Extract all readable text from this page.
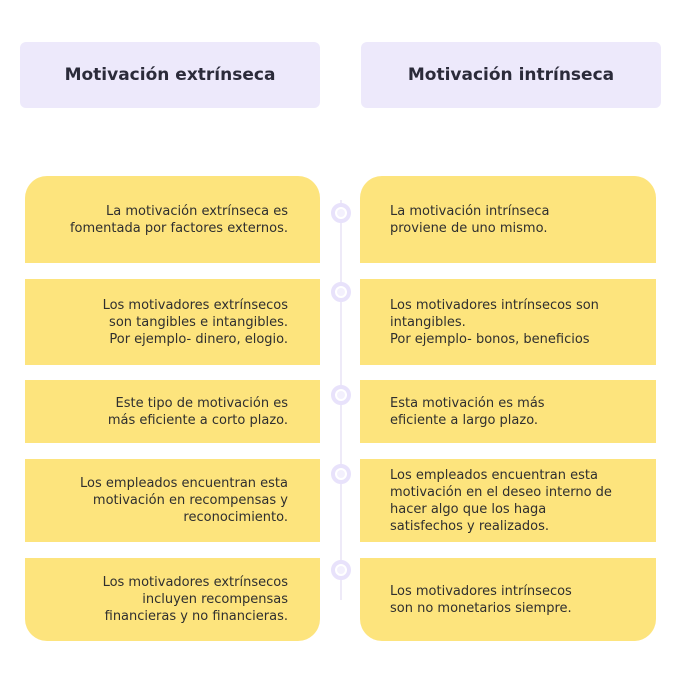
Motivación extrínseca	Motivación intrínseca
La motivación extrínseca es
fomentada por factores externos.
La motivación intrínseca
proviene de uno mismo.
Los motivadores extrínsecos
son tangibles e intangibles.
Por ejemplo- dinero, elogio.
Los motivadores intrínsecos son
intangibles.
Por ejemplo- bonos, beneficios
Este tipo de motivación es
más eficiente a corto plazo.
Esta motivación es más
eficiente a largo plazo.
Los empleados encuentran esta
motivación en recompensas y
reconocimiento.
Los empleados encuentran esta
motivación en el deseo interno de
hacer algo que los haga
satisfechos y realizados.
Los motivadores extrínsecos
incluyen recompensas
financieras y no financieras.
Los motivadores intrínsecos
son no monetarios siempre.
